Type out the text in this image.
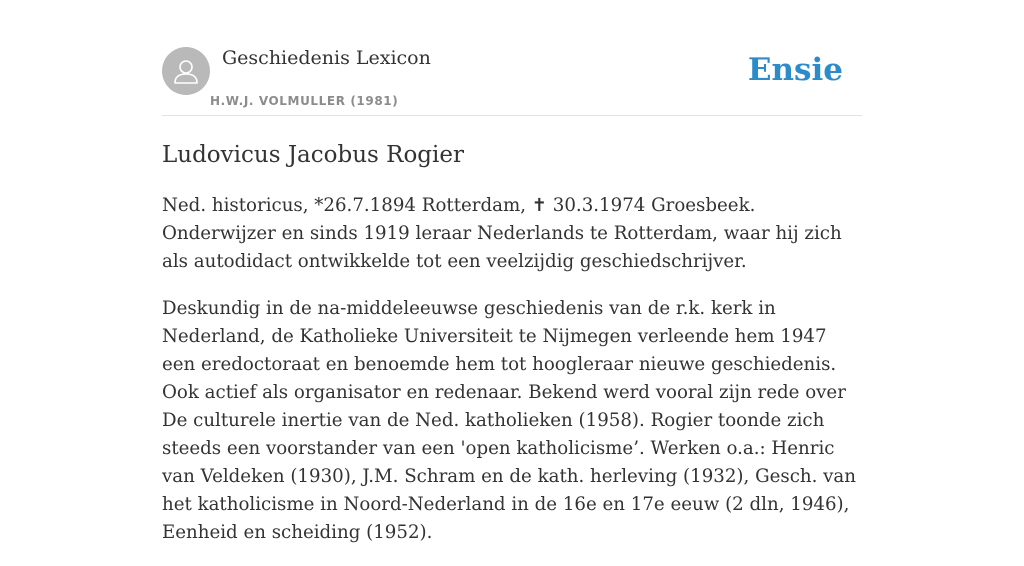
Geschiedenis Lexicon
H.W.J. VOLMULLER (1981)
Ensie
Ludovicus Jacobus Rogier

Ned. historicus, *26.7.1894 Rotterdam, ✝ 30.3.1974 Groesbeek. Onderwijzer en sinds 1919 leraar Nederlands te Rotterdam, waar hij zich als autodidact ontwikkelde tot een veelzijdig geschiedschrijver.

Deskundig in de na-middeleeuwse geschiedenis van de r.k. kerk in Nederland, de Katholieke Universiteit te Nijmegen verleende hem 1947 een eredoctoraat en benoemde hem tot hoogleraar nieuwe geschiedenis. Ook actief als organisator en redenaar. Bekend werd vooral zijn rede over De culturele inertie van de Ned. katholieken (1958). Rogier toonde zich steeds een voorstander van een 'open katholicisme’. Werken o.a.: Henric van Veldeken (1930), J.M. Schram en de kath. herleving (1932), Gesch. van het katholicisme in Noord-Nederland in de 16e en 17e eeuw (2 dln, 1946), Eenheid en scheiding (1952).
